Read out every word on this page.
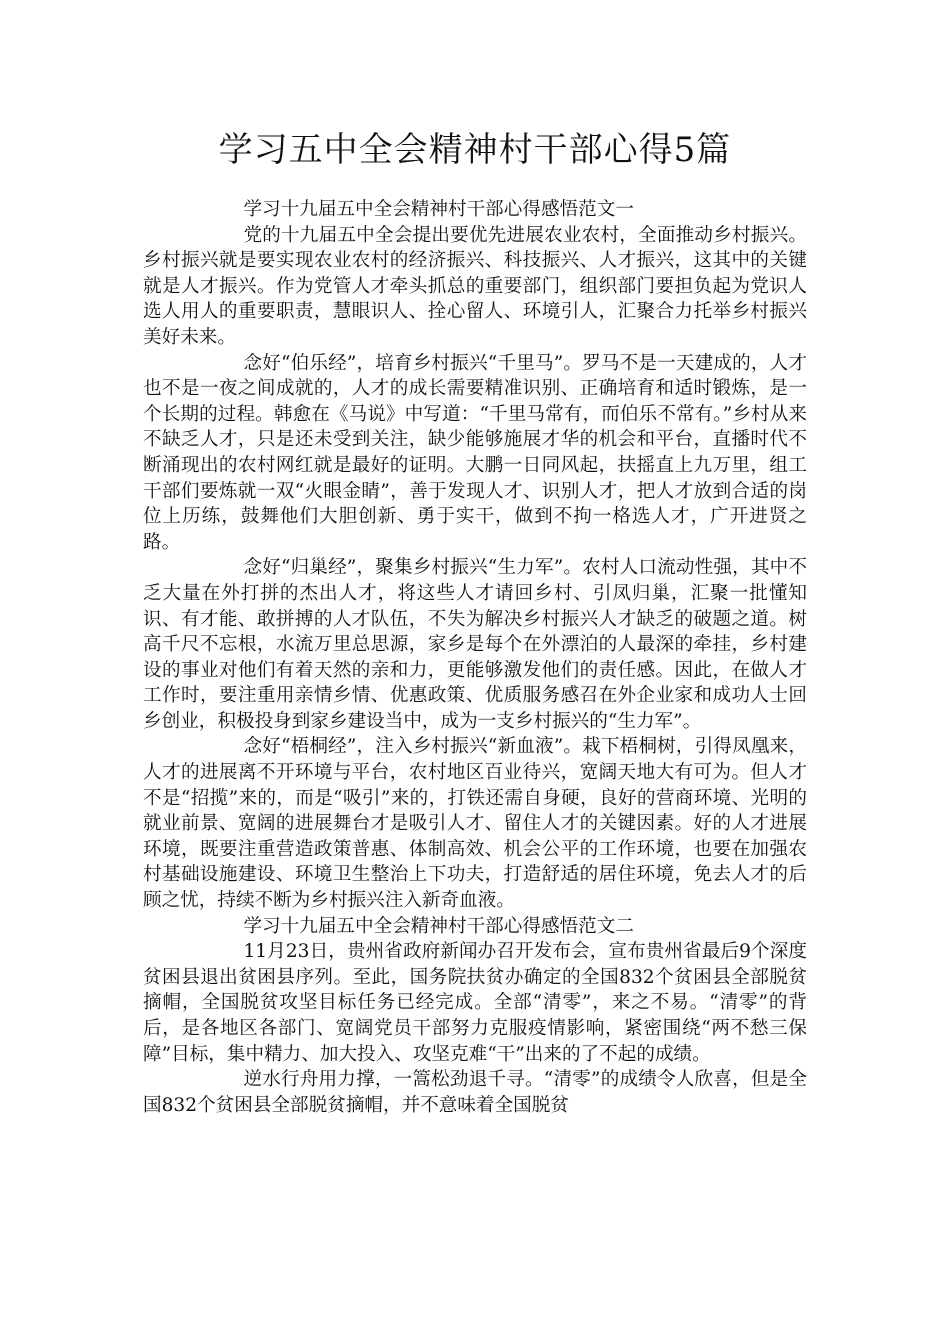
学习五中全会精神村干部心得5篇

学习十九届五中全会精神村干部心得感悟范文一

党的十九届五中全会提出要优先进展农业农村，全面推动乡村振兴。乡村振兴就是要实现农业农村的经济振兴、科技振兴、人才振兴，这其中的关键就是人才振兴。作为党管人才牵头抓总的重要部门，组织部门要担负起为党识人选人用人的重要职责，慧眼识人、拴心留人、环境引人，汇聚合力托举乡村振兴美好未来。

念好“伯乐经”，培育乡村振兴“千里马”。罗马不是一天建成的，人才也不是一夜之间成就的，人才的成长需要精准识别、正确培育和适时锻炼，是一个长期的过程。韩愈在《马说》中写道：“千里马常有，而伯乐不常有。”乡村从来不缺乏人才，只是还未受到关注，缺少能够施展才华的机会和平台，直播时代不断涌现出的农村网红就是最好的证明。大鹏一日同风起，扶摇直上九万里，组工干部们要炼就一双“火眼金睛”，善于发现人才、识别人才，把人才放到合适的岗位上历练，鼓舞他们大胆创新、勇于实干，做到不拘一格选人才，广开进贤之路。

念好“归巢经”，聚集乡村振兴“生力军”。农村人口流动性强，其中不乏大量在外打拼的杰出人才，将这些人才请回乡村、引凤归巢，汇聚一批懂知识、有才能、敢拼搏的人才队伍，不失为解决乡村振兴人才缺乏的破题之道。树高千尺不忘根，水流万里总思源，家乡是每个在外漂泊的人最深的牵挂，乡村建设的事业对他们有着天然的亲和力，更能够激发他们的责任感。因此，在做人才工作时，要注重用亲情乡情、优惠政策、优质服务感召在外企业家和成功人士回乡创业，积极投身到家乡建设当中，成为一支乡村振兴的“生力军”。

念好“梧桐经”，注入乡村振兴“新血液”。栽下梧桐树，引得凤凰来，人才的进展离不开环境与平台，农村地区百业待兴，宽阔天地大有可为。但人才不是“招揽”来的，而是“吸引”来的，打铁还需自身硬，良好的营商环境、光明的就业前景、宽阔的进展舞台才是吸引人才、留住人才的关键因素。好的人才进展环境，既要注重营造政策普惠、体制高效、机会公平的工作环境，也要在加强农村基础设施建设、环境卫生整治上下功夫，打造舒适的居住环境，免去人才的后顾之忧，持续不断为乡村振兴注入新奇血液。

学习十九届五中全会精神村干部心得感悟范文二

11月23日，贵州省政府新闻办召开发布会，宣布贵州省最后9个深度贫困县退出贫困县序列。至此，国务院扶贫办确定的全国832个贫困县全部脱贫摘帽，全国脱贫攻坚目标任务已经完成。全部“清零”，来之不易。“清零”的背后，是各地区各部门、宽阔党员干部努力克服疫情影响，紧密围绕“两不愁三保障”目标，集中精力、加大投入、攻坚克难“干”出来的了不起的成绩。

逆水行舟用力撑，一篙松劲退千寻。“清零”的成绩令人欣喜，但是全国832个贫困县全部脱贫摘帽，并不意味着全国脱贫
